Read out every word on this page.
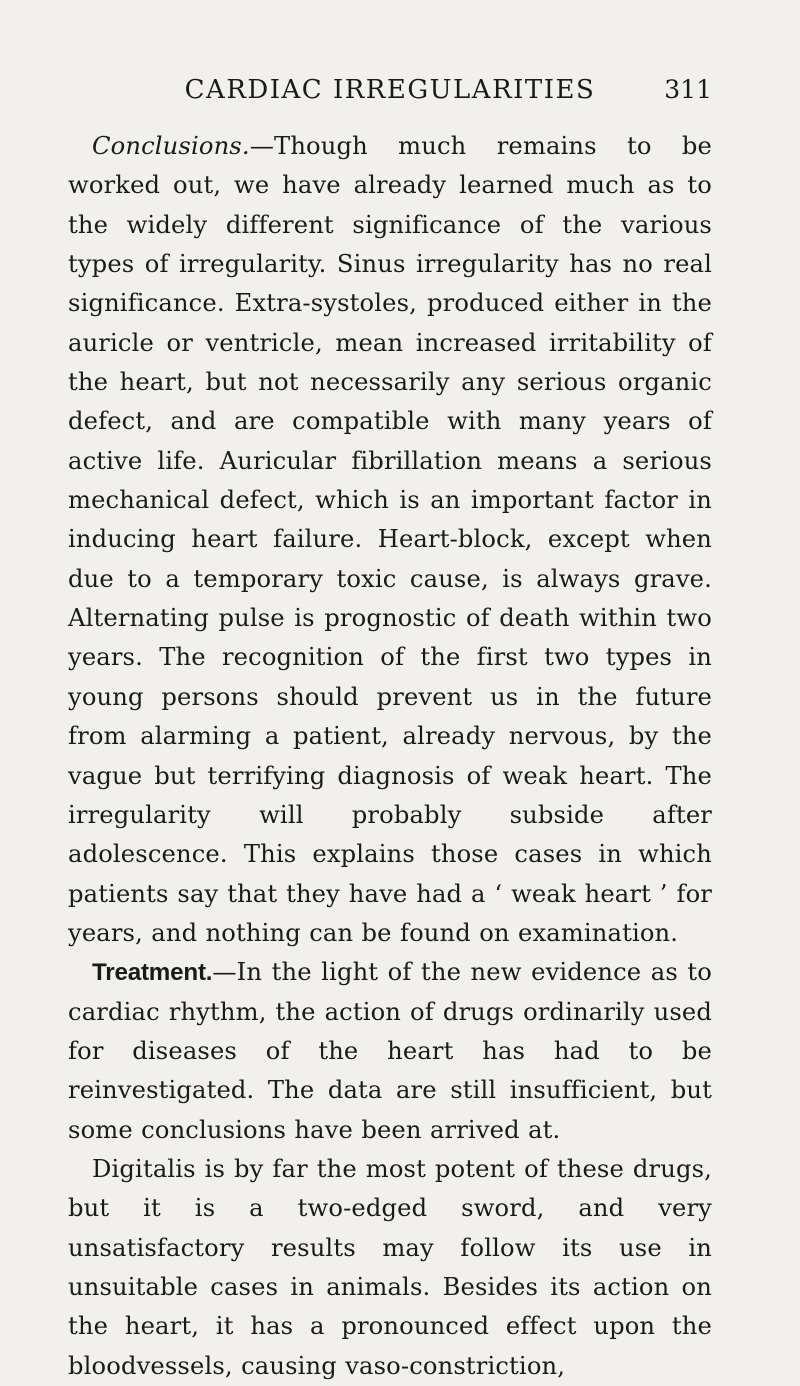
CARDIAC IRREGULARITIES	311

Conclusions.—Though much remains to be worked out, we have already learned much as to the widely different significance of the various types of irregularity. Sinus irregularity has no real significance. Extra-systoles, produced either in the auricle or ventricle, mean increased irritability of the heart, but not necessarily any serious organic defect, and are compatible with many years of active life. Auricular fibrillation means a serious mechanical defect, which is an important factor in inducing heart failure. Heart-block, except when due to a temporary toxic cause, is always grave. Alternating pulse is prognostic of death within two years. The recognition of the first two types in young persons should prevent us in the future from alarming a patient, already nervous, by the vague but terrifying diagnosis of weak heart. The irregularity will probably subside after adolescence. This explains those cases in which patients say that they have had a ‘ weak heart ’ for years, and nothing can be found on examination.

Treatment.—In the light of the new evidence as to cardiac rhythm, the action of drugs ordinarily used for diseases of the heart has had to be reinvestigated. The data are still insufficient, but some conclusions have been arrived at.

Digitalis is by far the most potent of these drugs, but it is a two-edged sword, and very unsatisfactory results may follow its use in unsuitable cases in animals. Besides its action on the heart, it has a pronounced effect upon the bloodvessels, causing vaso-constriction,
